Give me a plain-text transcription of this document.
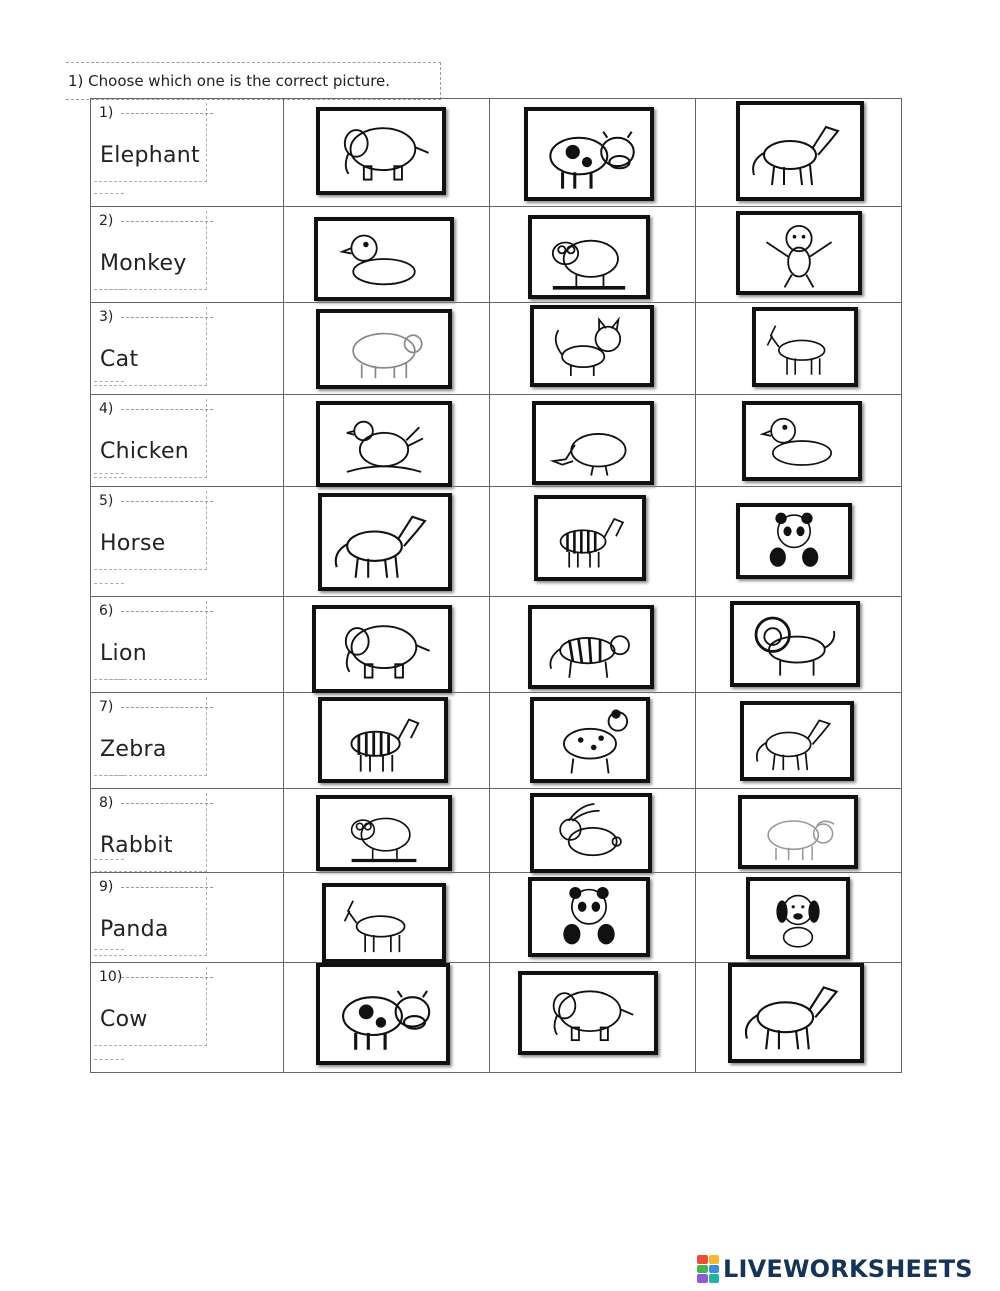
1) Choose which one is the correct picture.
1)
Elephant

2)
Monkey

3)
Cat

4)
Chicken

5)
Horse

6)
Lion

7)
Zebra

8)
Rabbit

9)
Panda

10)
Cow

LIVEWORKSHEETS
